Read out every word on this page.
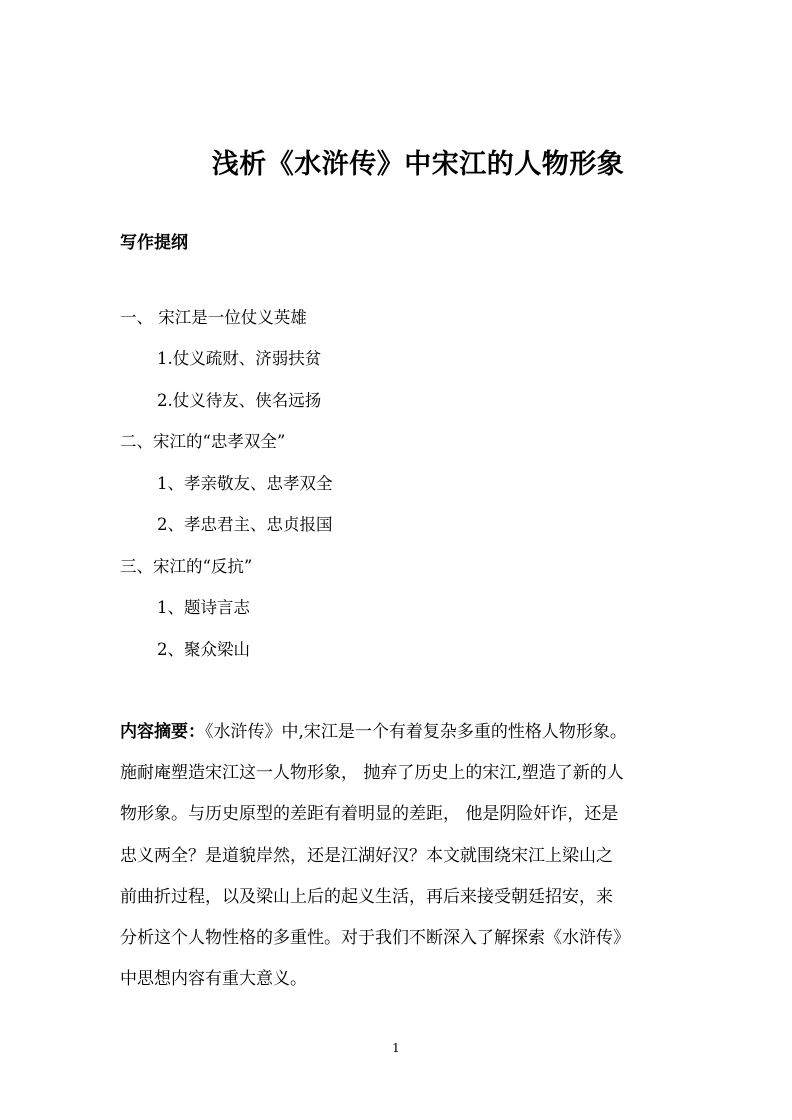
浅析《水浒传》中宋江的人物形象
写作提纲
一、 宋江是一位仗义英雄
1.仗义疏财、济弱扶贫
2.仗义待友、侠名远扬
二、宋江的“忠孝双全”
1、孝亲敬友、忠孝双全
2、孝忠君主、忠贞报国
三、宋江的“反抗”
1、题诗言志
2、聚众梁山
内容摘要：《水浒传》中,宋江是一个有着复杂多重的性格人物形象。
施耐庵塑造宋江这一人物形象， 抛弃了历史上的宋江,塑造了新的人
物形象。与历史原型的差距有着明显的差距， 他是阴险奸诈，还是
忠义两全？是道貌岸然，还是江湖好汉？本文就围绕宋江上梁山之
前曲折过程，以及梁山上后的起义生活，再后来接受朝廷招安，来
分析这个人物性格的多重性。对于我们不断深入了解探索《水浒传》
中思想内容有重大意义。
1
